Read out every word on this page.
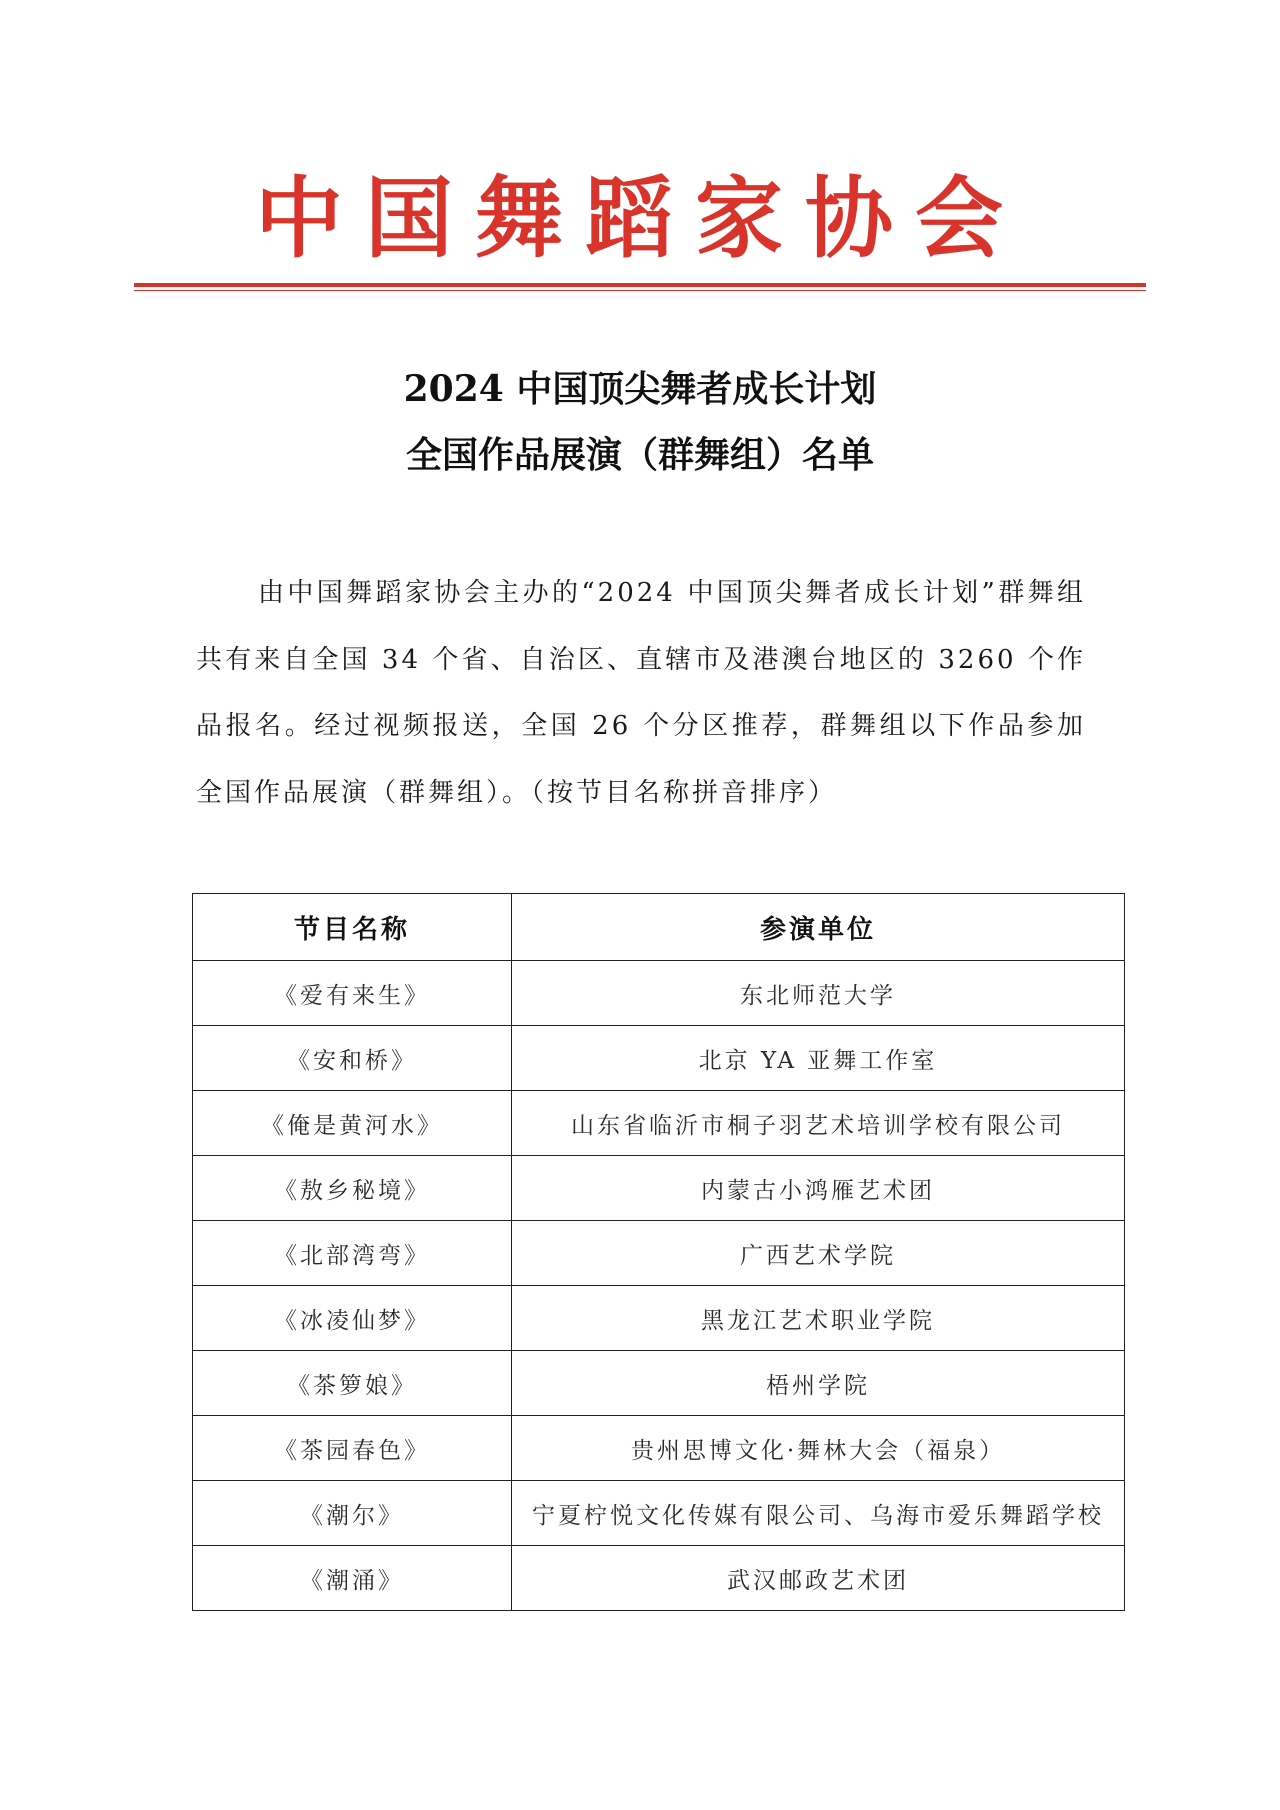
中国舞蹈家协会
2024 中国顶尖舞者成长计划
全国作品展演（群舞组）名单

由中国舞蹈家协会主办的“2024 中国顶尖舞者成长计划”群舞组共有来自全国 34 个省、自治区、直辖市及港澳台地区的 3260 个作品报名。经过视频报送，全国 26 个分区推荐，群舞组以下作品参加全国作品展演（群舞组）。（按节目名称拼音排序）

节目名称	参演单位
《爱有来生》	东北师范大学
《安和桥》	北京 YA 亚舞工作室
《俺是黄河水》	山东省临沂市桐子羽艺术培训学校有限公司
《敖乡秘境》	内蒙古小鸿雁艺术团
《北部湾弯》	广西艺术学院
《冰凌仙梦》	黑龙江艺术职业学院
《茶箩娘》	梧州学院
《茶园春色》	贵州思博文化·舞林大会（福泉）
《潮尔》	宁夏柠悦文化传媒有限公司、乌海市爱乐舞蹈学校
《潮涌》	武汉邮政艺术团
